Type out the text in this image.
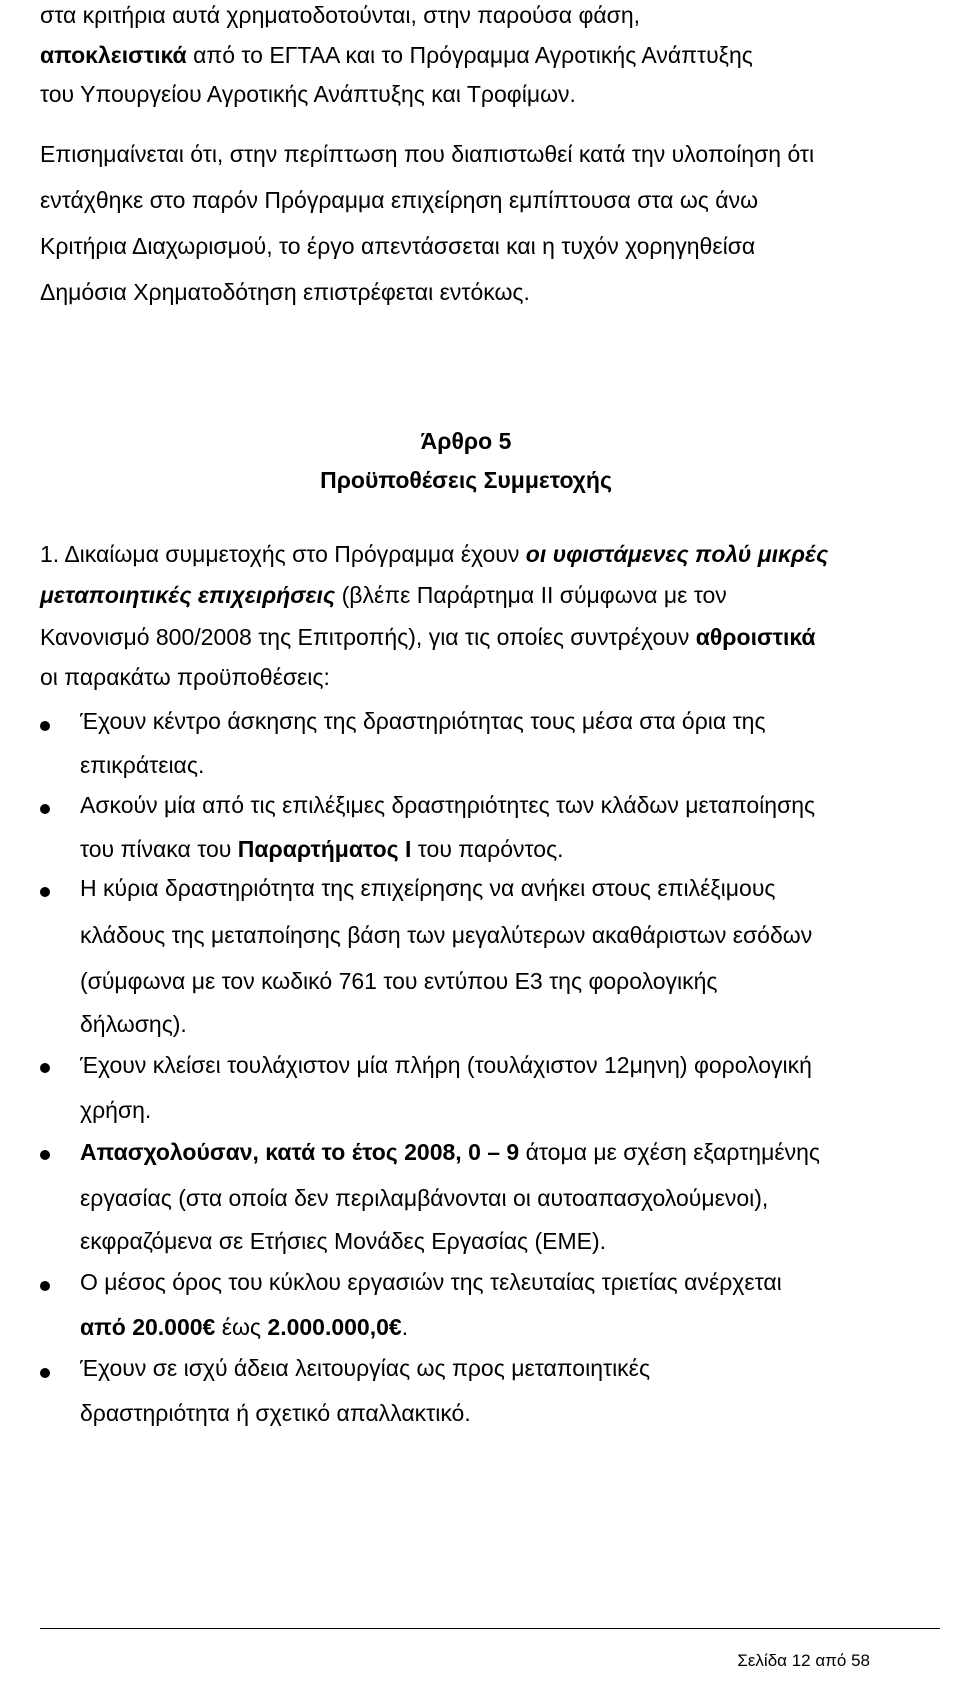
στα κριτήρια αυτά χρηματοδοτούνται, στην παρούσα φάση,
αποκλειστικά από το ΕΓΤΑΑ και το Πρόγραμμα Αγροτικής Ανάπτυξης
του Υπουργείου Αγροτικής Ανάπτυξης και Τροφίμων.
Επισημαίνεται ότι, στην περίπτωση που διαπιστωθεί κατά την υλοποίηση ότι
εντάχθηκε στο παρόν Πρόγραμμα επιχείρηση εμπίπτουσα στα ως άνω
Κριτήρια Διαχωρισμού, το έργο απεντάσσεται και η τυχόν χορηγηθείσα
Δημόσια Χρηματοδότηση επιστρέφεται εντόκως.
Άρθρο 5
Προϋποθέσεις Συμμετοχής
1. Δικαίωμα συμμετοχής στο Πρόγραμμα έχουν οι υφιστάμενες πολύ μικρές
μεταποιητικές επιχειρήσεις (βλέπε Παράρτημα ΙΙ σύμφωνα με τον
Κανονισμό 800/2008 της Επιτροπής), για τις οποίες συντρέχουν αθροιστικά
οι παρακάτω προϋποθέσεις:
Έχουν κέντρο άσκησης της δραστηριότητας τους μέσα στα όρια της
επικράτειας.
Ασκούν μία από τις επιλέξιμες δραστηριότητες των κλάδων μεταποίησης
του πίνακα του Παραρτήματος Ι του παρόντος.
Η κύρια δραστηριότητα της επιχείρησης να ανήκει στους επιλέξιμους
κλάδους της μεταποίησης βάση των μεγαλύτερων ακαθάριστων εσόδων
(σύμφωνα με τον κωδικό 761 του εντύπου Ε3 της φορολογικής
δήλωσης).
Έχουν κλείσει τουλάχιστον μία πλήρη (τουλάχιστον 12μηνη) φορολογική
χρήση.
Απασχολούσαν, κατά το έτος 2008, 0 – 9 άτομα με σχέση εξαρτημένης
εργασίας (στα οποία δεν περιλαμβάνονται οι αυτοαπασχολούμενοι),
εκφραζόμενα σε Ετήσιες Μονάδες Εργασίας (ΕΜΕ).
Ο μέσος όρος του κύκλου εργασιών της τελευταίας τριετίας ανέρχεται
από 20.000€ έως 2.000.000,0€.
Έχουν σε ισχύ άδεια λειτουργίας ως προς μεταποιητικές
δραστηριότητα ή σχετικό απαλλακτικό.
Σελίδα 12 από 58
